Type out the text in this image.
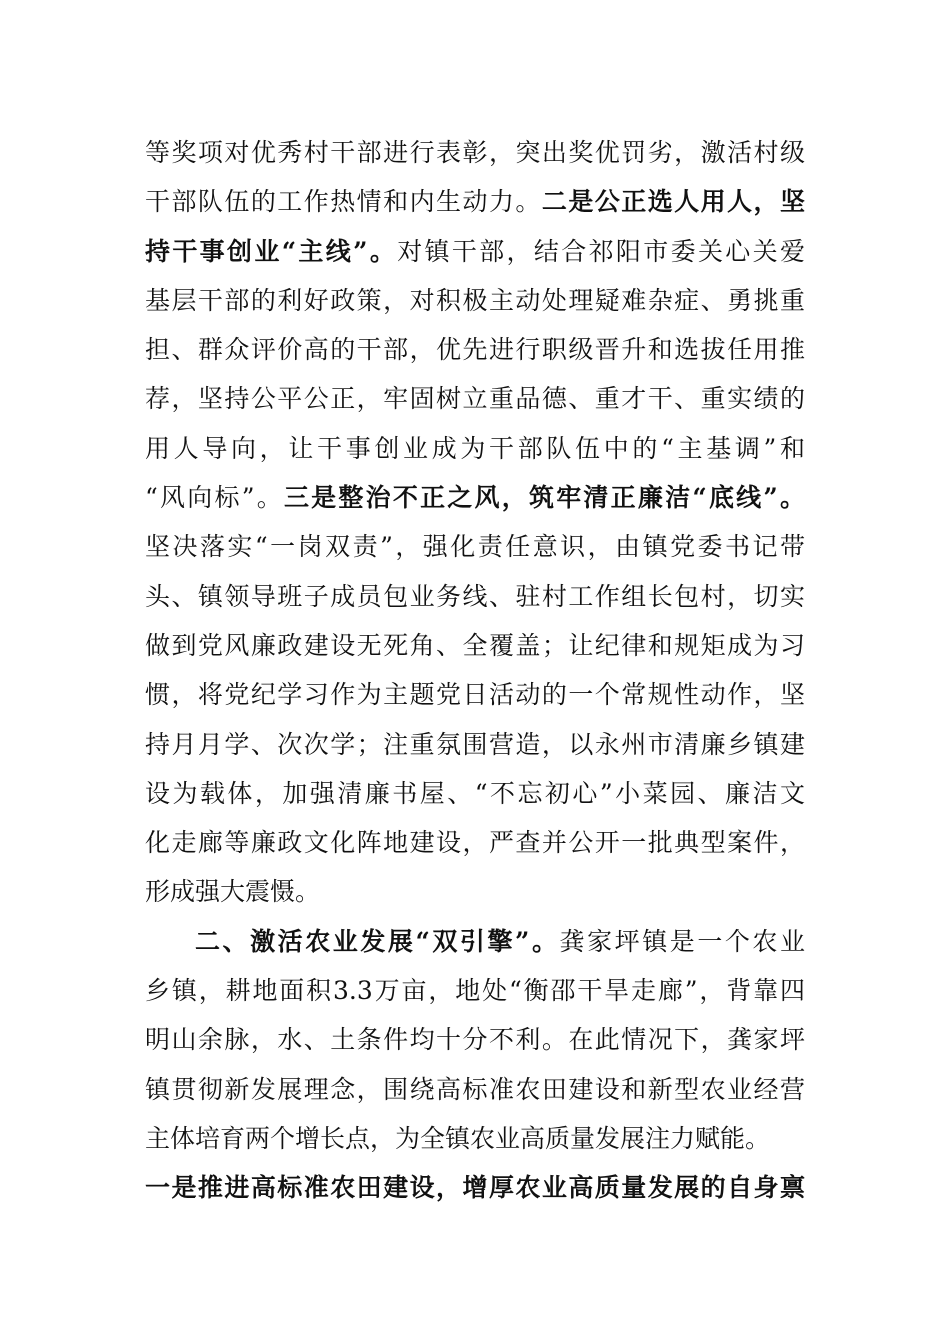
等奖项对优秀村干部进行表彰，突出奖优罚劣，激活村级
干部队伍的工作热情和内生动力。二是公正选人用人，坚
持干事创业“主线”。对镇干部，结合祁阳市委关心关爱
基层干部的利好政策，对积极主动处理疑难杂症、勇挑重
担、群众评价高的干部，优先进行职级晋升和选拔任用推
荐，坚持公平公正，牢固树立重品德、重才干、重实绩的
用人导向，让干事创业成为干部队伍中的“主基调”和
“风向标”。三是整治不正之风，筑牢清正廉洁“底线”。
坚决落实“一岗双责”，强化责任意识，由镇党委书记带
头、镇领导班子成员包业务线、驻村工作组长包村，切实
做到党风廉政建设无死角、全覆盖；让纪律和规矩成为习
惯，将党纪学习作为主题党日活动的一个常规性动作，坚
持月月学、次次学；注重氛围营造，以永州市清廉乡镇建
设为载体，加强清廉书屋、“不忘初心”小菜园、廉洁文
化走廊等廉政文化阵地建设，严查并公开一批典型案件，
形成强大震慑。
二、激活农业发展“双引擎”。龚家坪镇是一个农业
乡镇，耕地面积3.3万亩，地处“衡邵干旱走廊”，背靠四
明山余脉，水、土条件均十分不利。在此情况下，龚家坪
镇贯彻新发展理念，围绕高标准农田建设和新型农业经营
主体培育两个增长点，为全镇农业高质量发展注力赋能。
一是推进高标准农田建设，增厚农业高质量发展的自身禀
